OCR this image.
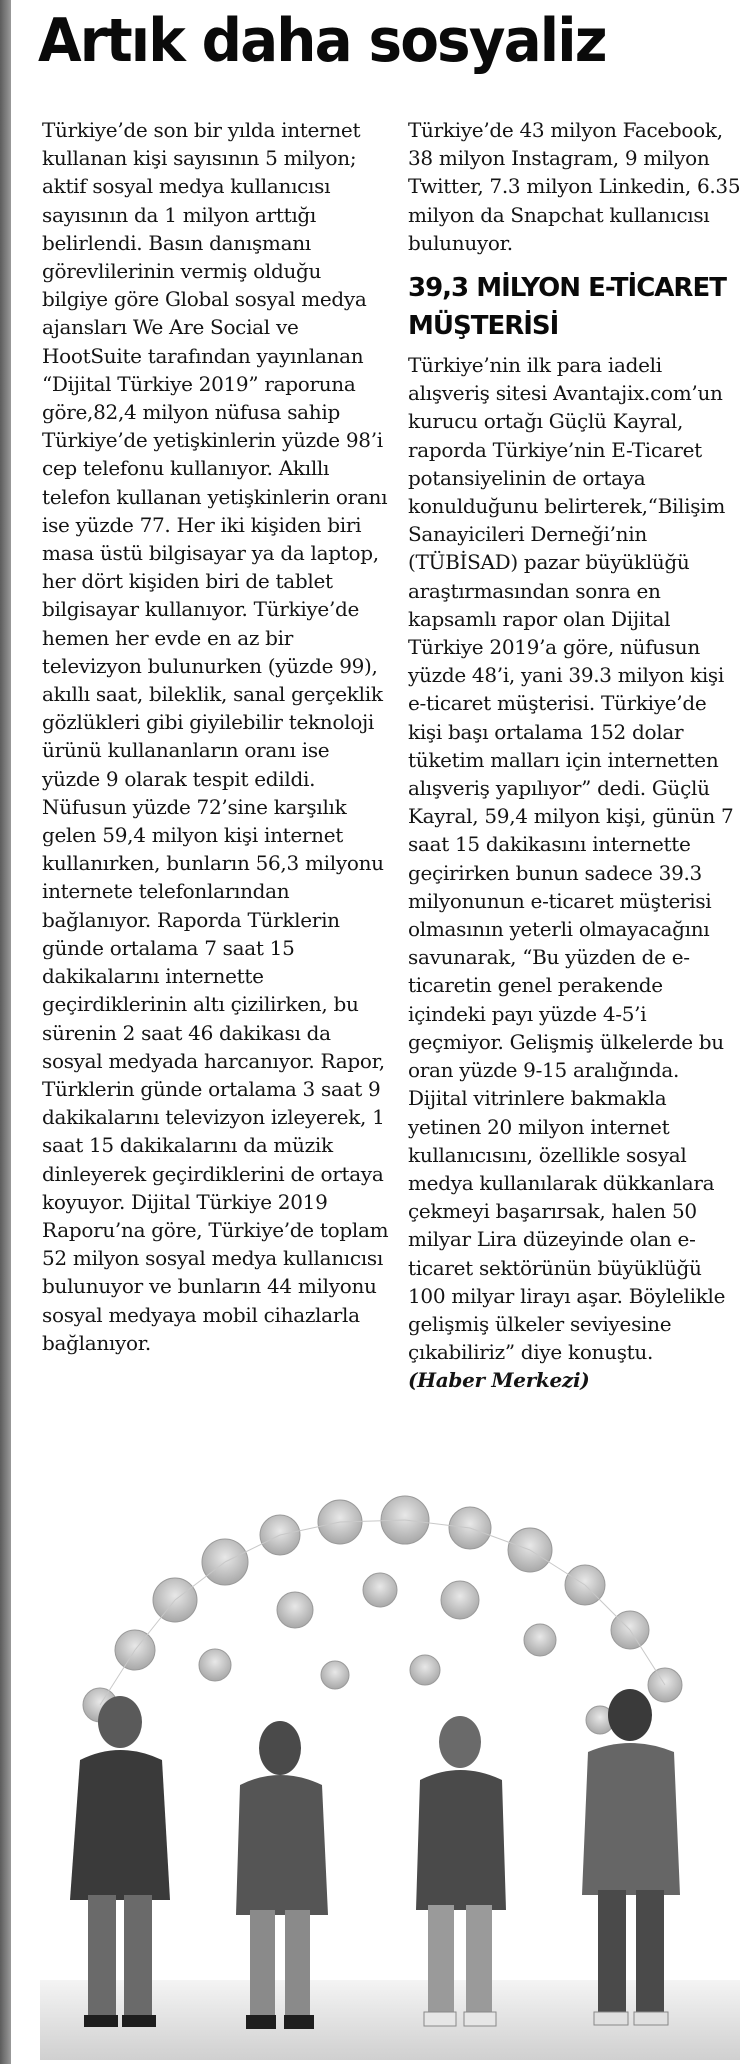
Artık daha sosyaliz

Türkiye’de son bir yılda internet kullanan kişi sayısının 5 milyon; aktif sosyal medya kullanıcısı sayısının da 1 milyon arttığı belirlendi. Basın danışmanı görevlilerinin vermiş olduğu bilgiye göre Global sosyal medya ajansları We Are Social ve HootSuite tarafından yayınlanan “Dijital Türkiye 2019” raporuna göre,82,4 milyon nüfusa sahip Türkiye’de yetişkinlerin yüzde 98’i cep telefonu kullanıyor. Akıllı telefon kullanan yetişkinlerin oranı ise yüzde 77. Her iki kişiden biri masa üstü bilgisayar ya da laptop, her dört kişiden biri de tablet bilgisayar kullanıyor. Türkiye’de hemen her evde en az bir televizyon bulunurken (yüzde 99), akıllı saat, bileklik, sanal gerçeklik gözlükleri gibi giyilebilir teknoloji ürünü kullananların oranı ise yüzde 9 olarak tespit edildi. Nüfusun yüzde 72’sine karşılık gelen 59,4 milyon kişi internet kullanırken, bunların 56,3 milyonu internete telefonlarından bağlanıyor. Raporda Türklerin günde ortalama 7 saat 15 dakikalarını internette geçirdiklerinin altı çizilirken, bu sürenin 2 saat 46 dakikası da sosyal medyada harcanıyor. Rapor, Türklerin günde ortalama 3 saat 9 dakikalarını televizyon izleyerek, 1 saat 15 dakikalarını da müzik dinleyerek geçirdiklerini de ortaya koyuyor. Dijital Türkiye 2019 Raporu’na göre, Türkiye’de toplam 52 milyon sosyal medya kullanıcısı bulunuyor ve bunların 44 milyonu sosyal medyaya mobil cihazlarla bağlanıyor.

Türkiye’de 43 milyon Facebook, 38 milyon Instagram, 9 milyon Twitter, 7.3 milyon Linkedin, 6.35 milyon da Snapchat kullanıcısı bulunuyor.

39,3 MİLYON E-TİCARET MÜŞTERİSİ

Türkiye’nin ilk para iadeli alışveriş sitesi Avantajix.com’un kurucu ortağı Güçlü Kayral, raporda Türkiye’nin E-Ticaret potansiyelinin de ortaya konulduğunu belirterek,“Bilişim Sanayicileri Derneği’nin (TÜBİSAD) pazar büyüklüğü araştırmasından sonra en kapsamlı rapor olan Dijital Türkiye 2019’a göre, nüfusun yüzde 48’i, yani 39.3 milyon kişi e-ticaret müşterisi. Türkiye’de kişi başı ortalama 152 dolar tüketim malları için internetten alışveriş yapılıyor” dedi. Güçlü Kayral, 59,4 milyon kişi, günün 7 saat 15 dakikasını internette geçirirken bunun sadece 39.3 milyonunun e-ticaret müşterisi olmasının yeterli olmayacağını savunarak, “Bu yüzden de e-ticaretin genel perakende içindeki payı yüzde 4-5’i geçmiyor. Gelişmiş ülkelerde bu oran yüzde 9-15 aralığında. Dijital vitrinlere bakmakla yetinen 20 milyon internet kullanıcısını, özellikle sosyal medya kullanılarak dükkanlara çekmeyi başarırsak, halen 50 milyar Lira düzeyinde olan e-ticaret sektörünün büyüklüğü 100 milyar lirayı aşar. Böylelikle gelişmiş ülkeler seviyesine çıkabiliriz” diye konuştu.

(Haber Merkezi)
